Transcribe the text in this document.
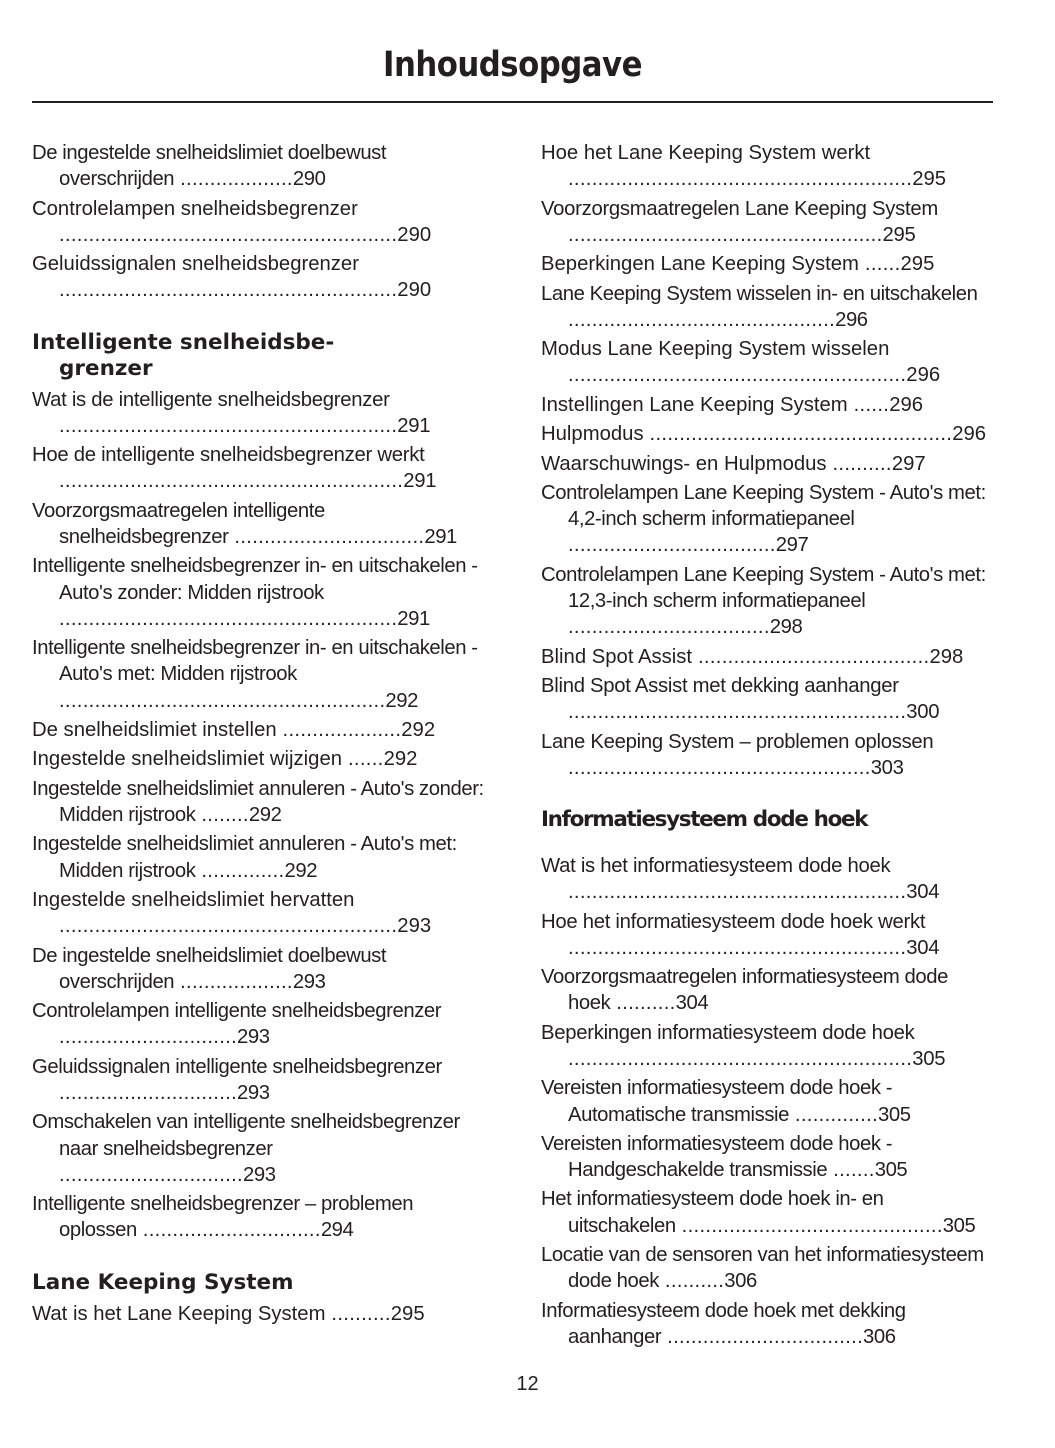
Inhoudsopgave
De ingestelde snelheidslimiet doelbewust overschrijden ...................290
Controlelampen snelheidsbegrenzer .........................................................290
Geluidssignalen snelheidsbegrenzer .........................................................290
Intelligente snelheidsbe-
grenzer
Wat is de intelligente snelheidsbegrenzer .........................................................291
Hoe de intelligente snelheidsbegrenzer werkt ..........................................................291
Voorzorgsmaatregelen intelligente snelheidsbegrenzer ................................291
Intelligente snelheidsbegrenzer in- en uitschakelen - Auto's zonder: Midden rijstrook .........................................................291
Intelligente snelheidsbegrenzer in- en uitschakelen - Auto's met: Midden rijstrook .......................................................292
De snelheidslimiet instellen ....................292
Ingestelde snelheidslimiet wijzigen ......292
Ingestelde snelheidslimiet annuleren - Auto's zonder: Midden rijstrook ........292
Ingestelde snelheidslimiet annuleren - Auto's met: Midden rijstrook ..............292
Ingestelde snelheidslimiet hervatten .........................................................293
De ingestelde snelheidslimiet doelbewust overschrijden ...................293
Controlelampen intelligente snelheidsbegrenzer ..............................293
Geluidssignalen intelligente snelheidsbegrenzer ..............................293
Omschakelen van intelligente snelheidsbegrenzer naar snelheidsbegrenzer ...............................293
Intelligente snelheidsbegrenzer – problemen oplossen ..............................294
Lane Keeping System
Wat is het Lane Keeping System ..........295
Hoe het Lane Keeping System werkt ..........................................................295
Voorzorgsmaatregelen Lane Keeping System .....................................................295
Beperkingen Lane Keeping System ......295
Lane Keeping System wisselen in- en uitschakelen .............................................296
Modus Lane Keeping System wisselen .........................................................296
Instellingen Lane Keeping System ......296
Hulpmodus ...................................................296
Waarschuwings- en Hulpmodus ..........297
Controlelampen Lane Keeping System - Auto's met: 4,2-inch scherm informatiepaneel ...................................297
Controlelampen Lane Keeping System - Auto's met: 12,3-inch scherm informatiepaneel ..................................298
Blind Spot Assist .......................................298
Blind Spot Assist met dekking aanhanger .........................................................300
Lane Keeping System – problemen oplossen ...................................................303
Informatiesysteem dode hoek
Wat is het informatiesysteem dode hoek .........................................................304
Hoe het informatiesysteem dode hoek werkt .........................................................304
Voorzorgsmaatregelen informatiesysteem dode hoek ..........304
Beperkingen informatiesysteem dode hoek ..........................................................305
Vereisten informatiesysteem dode hoek - Automatische transmissie ..............305
Vereisten informatiesysteem dode hoek - Handgeschakelde transmissie .......305
Het informatiesysteem dode hoek in- en uitschakelen ............................................305
Locatie van de sensoren van het informatiesysteem dode hoek ..........306
Informatiesysteem dode hoek met dekking aanhanger .................................306
12
